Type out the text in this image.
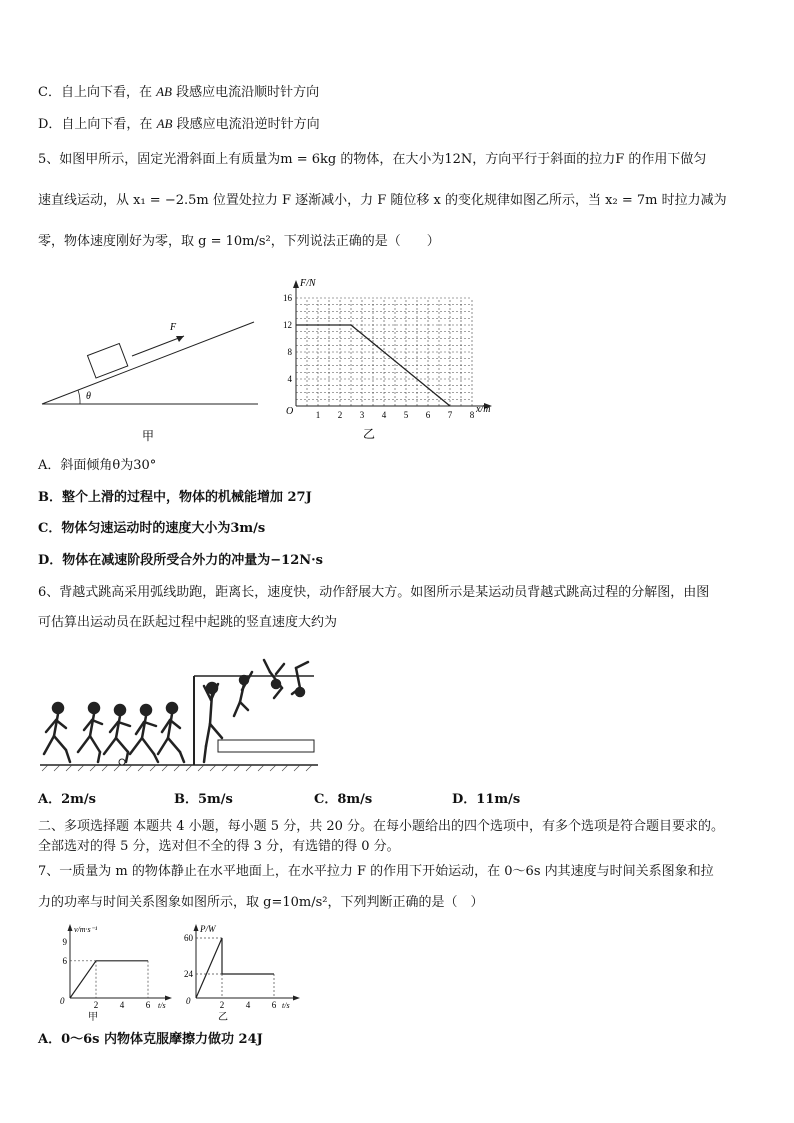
C．自上向下看，在 AB 段感应电流沿顺时针方向
D．自上向下看，在 AB 段感应电流沿逆时针方向
5、如图甲所示，固定光滑斜面上有质量为m = 6kg 的物体，在大小为12N，方向平行于斜面的拉力F 的作用下做匀
速直线运动，从 x₁ = −2.5m 位置处拉力 F 逐渐减小，力 F 随位移 x 的变化规律如图乙所示，当 x₂ = 7m 时拉力减为
零，物体速度刚好为零，取 g = 10m/s²，下列说法正确的是（　　）
θ
F
甲
F/N
x/m
O
4
8
12
16
1 2 3 4 5 6 7 8
乙
A．斜面倾角θ为30°
B．整个上滑的过程中，物体的机械能增加 27J
C．物体匀速运动时的速度大小为3m/s
D．物体在减速阶段所受合外力的冲量为−12N·s
6、背越式跳高采用弧线助跑，距离长，速度快，动作舒展大方。如图所示是某运动员背越式跳高过程的分解图，由图
可估算出运动员在跃起过程中起跳的竖直速度大约为
A．2m/s	B．5m/s	C．8m/s	D．11m/s
二、多项选择题 本题共 4 小题，每小题 5 分，共 20 分。在每小题给出的四个选项中，有多个选项是符合题目要求的。
全部选对的得 5 分，选对但不全的得 3 分，有选错的得 0 分。
7、一质量为 m 的物体静止在水平地面上，在水平拉力 F 的作用下开始运动，在 0～6s 内其速度与时间关系图象和拉
力的功率与时间关系图象如图所示，取 g=10m/s²，下列判断正确的是（　）
v/m·s⁻¹
t/s
0
6
9
2 4 6
甲
P/W
t/s
0
24
60
2 4 6
乙
A．0～6s 内物体克服摩擦力做功 24J
